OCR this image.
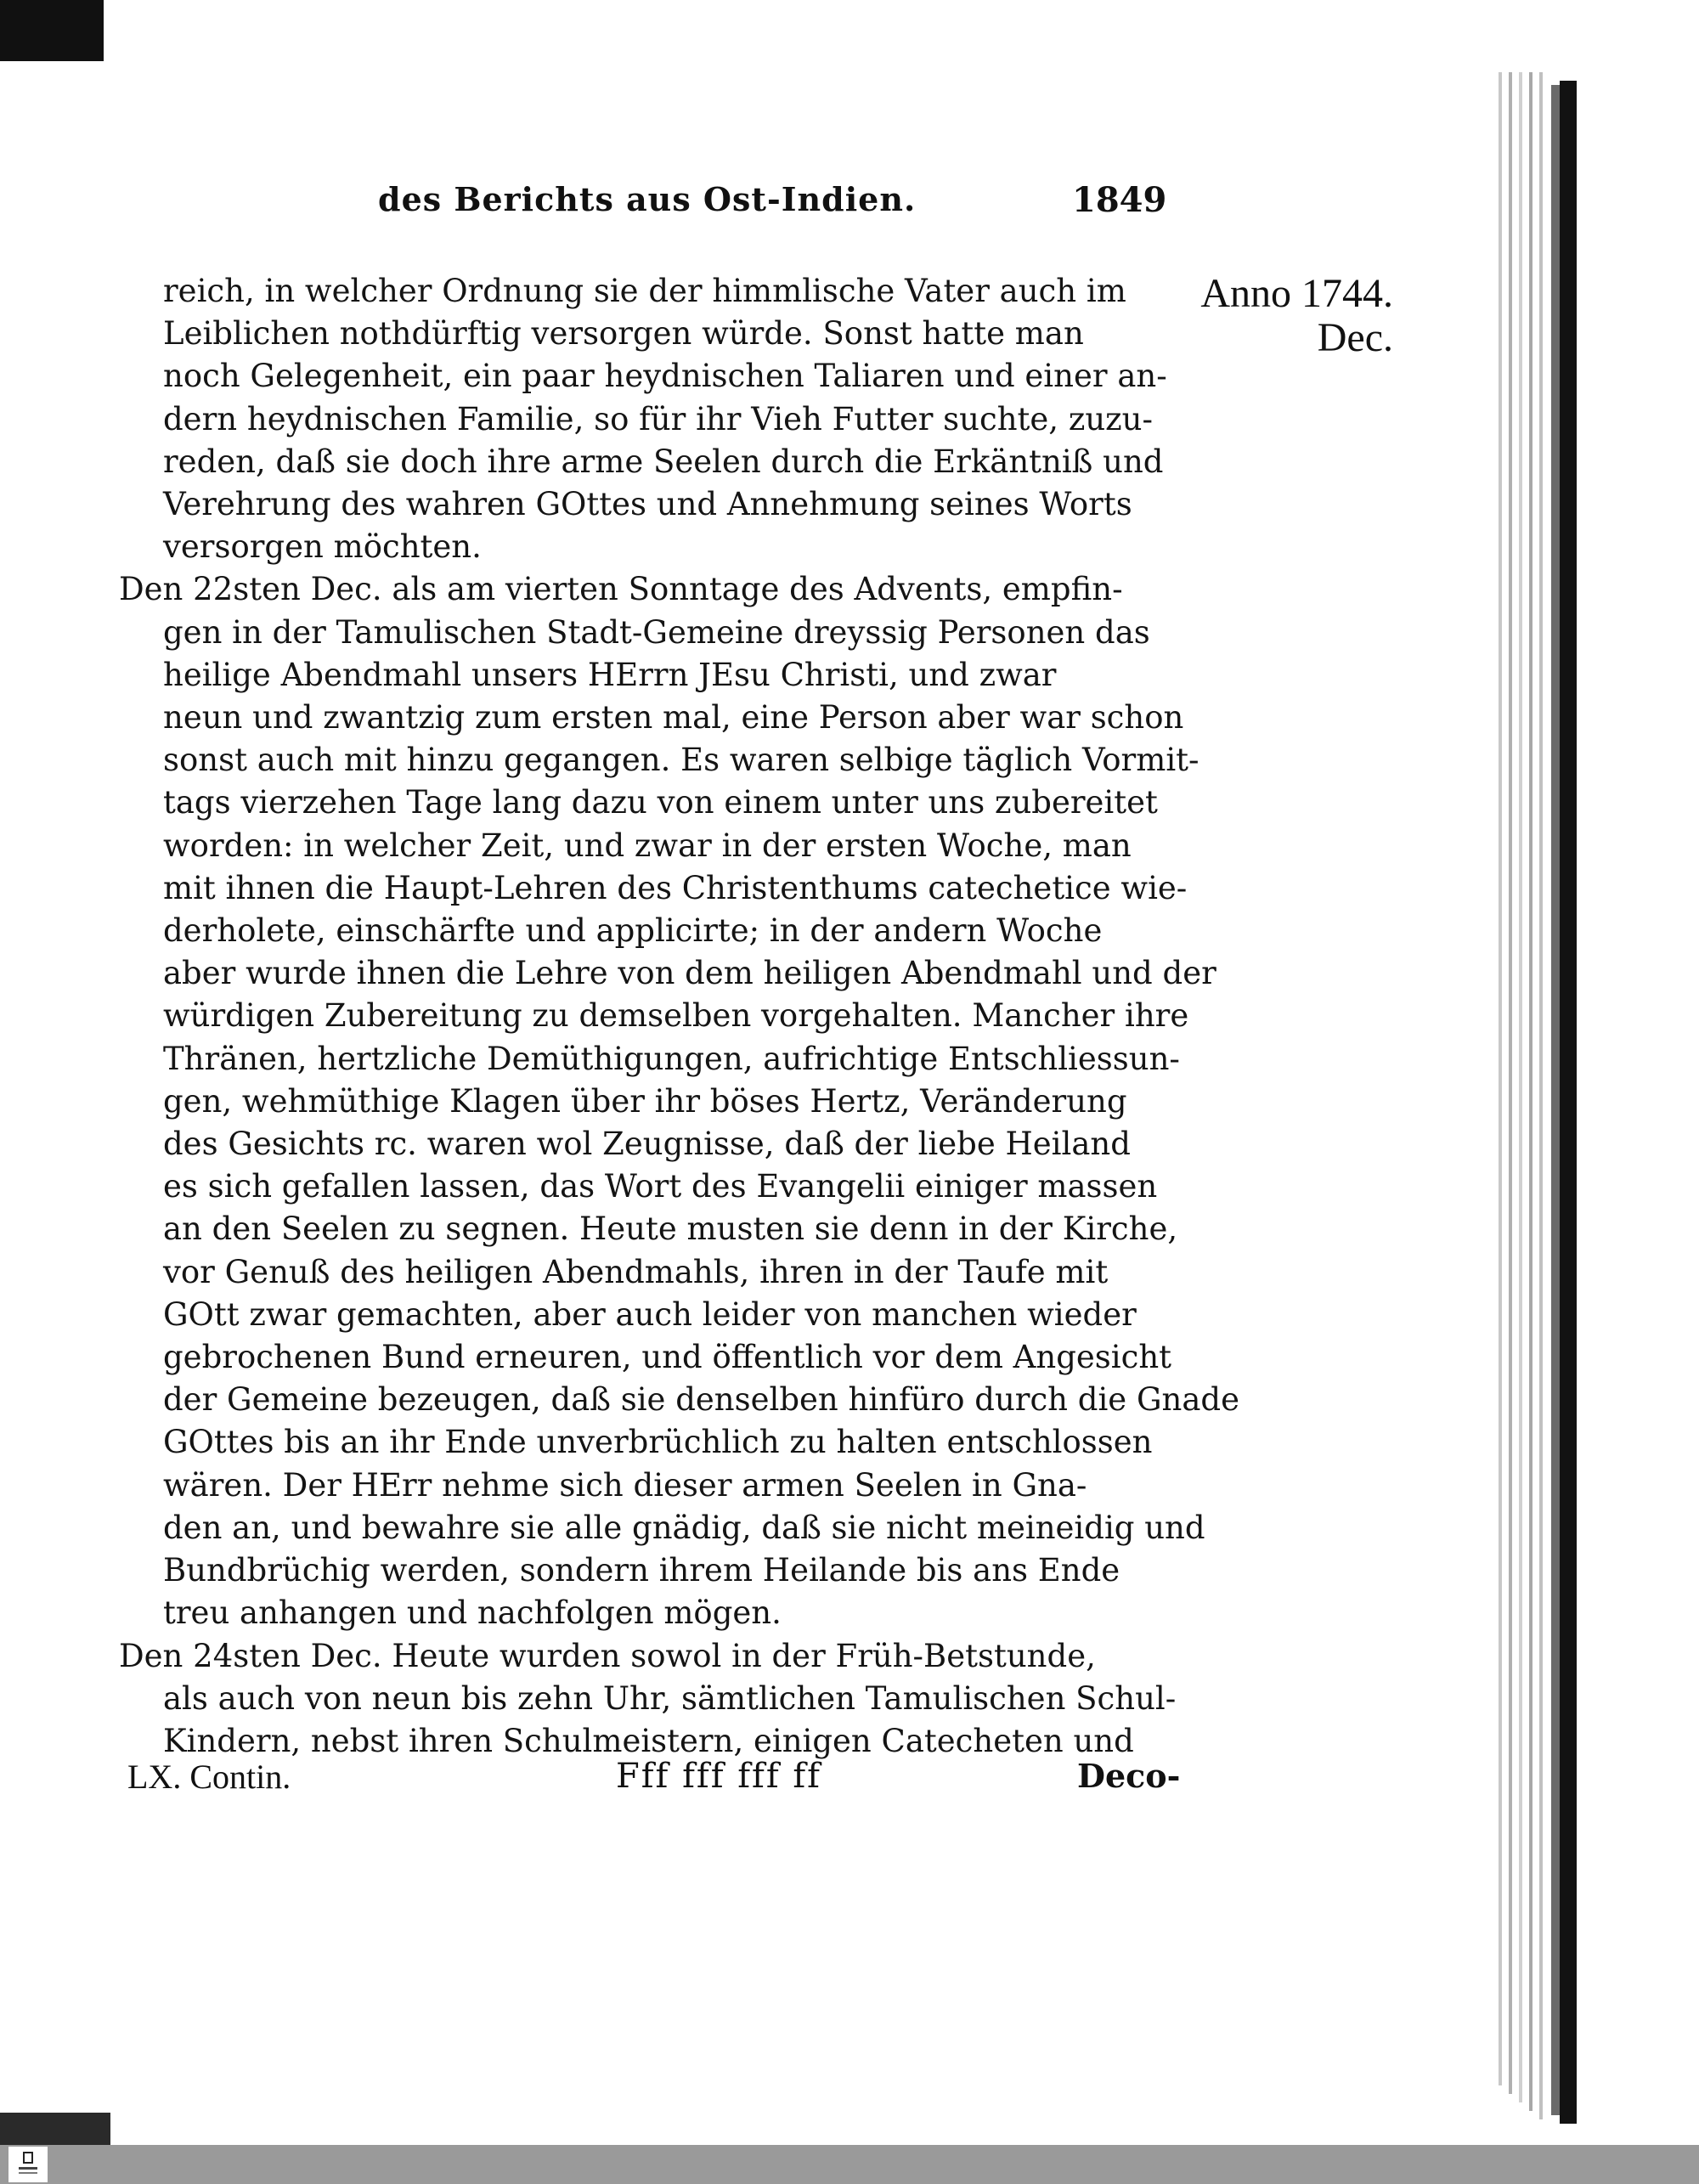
des Berichts aus Ost-Indien.	1849
Anno 1744.
Dec.
reich, in welcher Ordnung sie der himmlische Vater auch im
Leiblichen nothdürftig versorgen würde. Sonst hatte man
noch Gelegenheit, ein paar heydnischen Taliaren und einer an-
dern heydnischen Familie, so für ihr Vieh Futter suchte, zuzu-
reden, daß sie doch ihre arme Seelen durch die Erkäntniß und
Verehrung des wahren GOttes und Annehmung seines Worts
versorgen möchten.
Den 22sten Dec. als am vierten Sonntage des Advents, empfin-
gen in der Tamulischen Stadt-Gemeine dreyssig Personen das
heilige Abendmahl unsers HErrn JEsu Christi, und zwar
neun und zwantzig zum ersten mal, eine Person aber war schon
sonst auch mit hinzu gegangen. Es waren selbige täglich Vormit-
tags vierzehen Tage lang dazu von einem unter uns zubereitet
worden: in welcher Zeit, und zwar in der ersten Woche, man
mit ihnen die Haupt-Lehren des Christenthums catechetice wie-
derholete, einschärfte und applicirte; in der andern Woche
aber wurde ihnen die Lehre von dem heiligen Abendmahl und der
würdigen Zubereitung zu demselben vorgehalten. Mancher ihre
Thränen, hertzliche Demüthigungen, aufrichtige Entschliessun-
gen, wehmüthige Klagen über ihr böses Hertz, Veränderung
des Gesichts rc. waren wol Zeugnisse, daß der liebe Heiland
es sich gefallen lassen, das Wort des Evangelii einiger massen
an den Seelen zu segnen. Heute musten sie denn in der Kirche,
vor Genuß des heiligen Abendmahls, ihren in der Taufe mit
GOtt zwar gemachten, aber auch leider von manchen wieder
gebrochenen Bund erneuren, und öffentlich vor dem Angesicht
der Gemeine bezeugen, daß sie denselben hinfüro durch die Gnade
GOttes bis an ihr Ende unverbrüchlich zu halten entschlossen
wären. Der HErr nehme sich dieser armen Seelen in Gna-
den an, und bewahre sie alle gnädig, daß sie nicht meineidig und
Bundbrüchig werden, sondern ihrem Heilande bis ans Ende
treu anhangen und nachfolgen mögen.
Den 24sten Dec. Heute wurden sowol in der Früh-Betstunde,
als auch von neun bis zehn Uhr, sämtlichen Tamulischen Schul-
Kindern, nebst ihren Schulmeistern, einigen Catecheten und
LX. Contin.	Fff fff fff ff	Deco-
